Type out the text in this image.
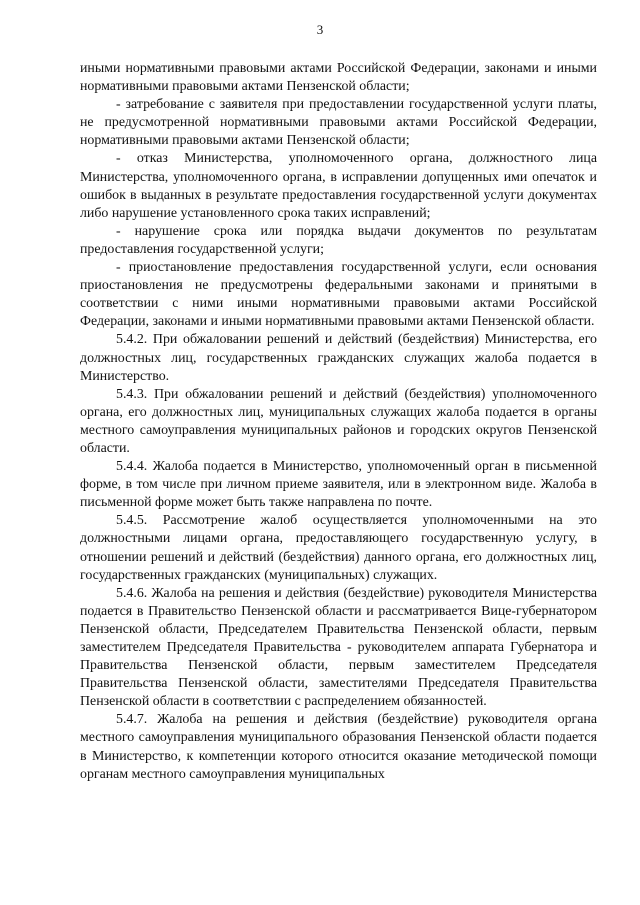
3

иными нормативными правовыми актами Российской Федерации, законами и иными нормативными правовыми актами Пензенской области;

- затребование с заявителя при предоставлении государственной услуги платы, не предусмотренной нормативными правовыми актами Российской Федерации, нормативными правовыми актами Пензенской области;

- отказ Министерства, уполномоченного органа, должностного лица Министерства, уполномоченного органа, в исправлении допущенных ими опечаток и ошибок в выданных в результате предоставления государственной услуги документах либо нарушение установленного срока таких исправлений;

- нарушение срока или порядка выдачи документов по результатам предоставления государственной услуги;

- приостановление предоставления государственной услуги, если основания приостановления не предусмотрены федеральными законами и принятыми в соответствии с ними иными нормативными правовыми актами Российской Федерации, законами и иными нормативными правовыми актами Пензенской области.

5.4.2. При обжаловании решений и действий (бездействия) Министерства, его должностных лиц, государственных гражданских служащих жалоба подается в Министерство.

5.4.3. При обжаловании решений и действий (бездействия) уполномоченного органа, его должностных лиц, муниципальных служащих жалоба подается в органы местного самоуправления муниципальных районов и городских округов Пензенской области.

5.4.4. Жалоба подается в Министерство, уполномоченный орган в письменной форме, в том числе при личном приеме заявителя, или в электронном виде. Жалоба в письменной форме может быть также направлена по почте.

5.4.5. Рассмотрение жалоб осуществляется уполномоченными на это должностными лицами органа, предоставляющего государственную услугу, в отношении решений и действий (бездействия) данного органа, его должностных лиц, государственных гражданских (муниципальных) служащих.

5.4.6. Жалоба на решения и действия (бездействие) руководителя Министерства подается в Правительство Пензенской области и рассматривается Вице-губернатором Пензенской области, Председателем Правительства Пензенской области, первым заместителем Председателя Правительства - руководителем аппарата Губернатора и Правительства Пензенской области, первым заместителем Председателя Правительства Пензенской области, заместителями Председателя Правительства Пензенской области в соответствии с распределением обязанностей.

5.4.7. Жалоба на решения и действия (бездействие) руководителя органа местного самоуправления муниципального образования Пензенской области подается в Министерство, к компетенции которого относится оказание методической помощи органам местного самоуправления муниципальных
